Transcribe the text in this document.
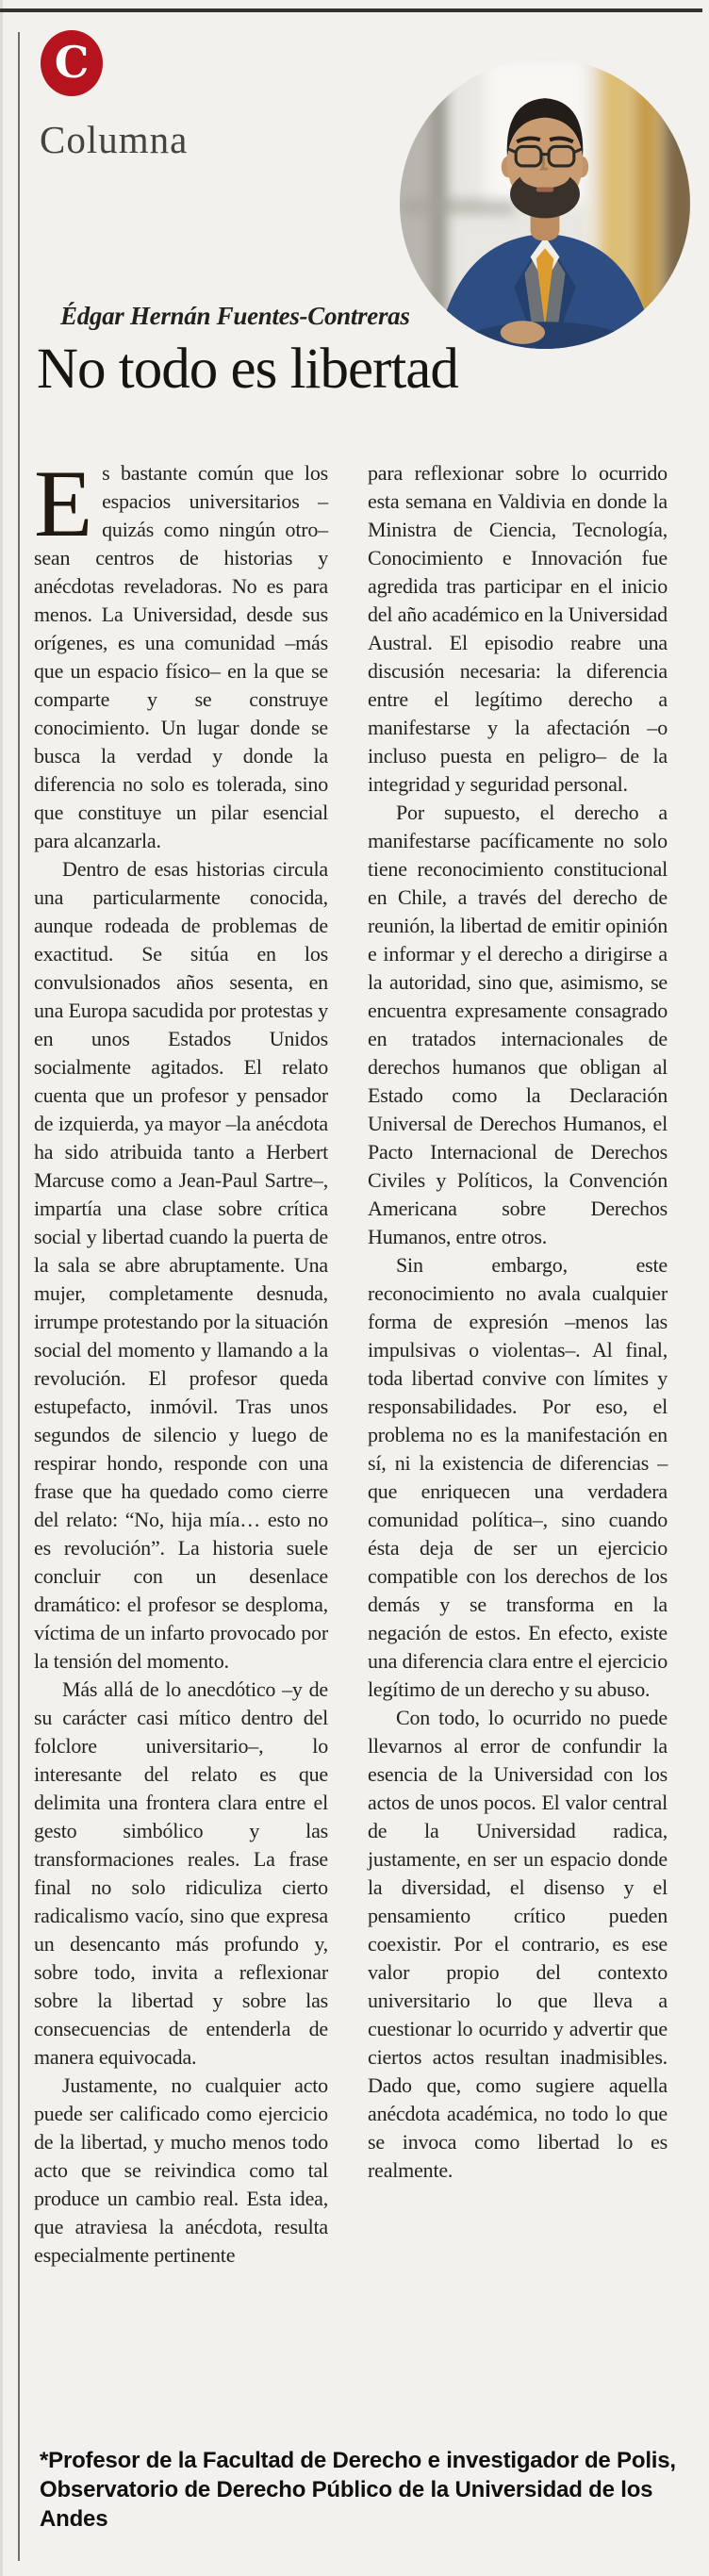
C
Columna
Édgar Hernán Fuentes-Contreras
No todo es libertad

Es bastante común que los espacios universitarios –quizás como ningún otro– sean centros de historias y anécdotas reveladoras. No es para menos. La Universidad, desde sus orígenes, es una comunidad –más que un espacio físico– en la que se comparte y se construye conocimiento. Un lugar donde se busca la verdad y donde la diferencia no solo es tolerada, sino que constituye un pilar esencial para alcanzarla.

Dentro de esas historias circula una particularmente conocida, aunque rodeada de problemas de exactitud. Se sitúa en los convulsionados años sesenta, en una Europa sacudida por protestas y en unos Estados Unidos socialmente agitados. El relato cuenta que un profesor y pensador de izquierda, ya mayor –la anécdota ha sido atribuida tanto a Herbert Marcuse como a Jean-Paul Sartre–, impartía una clase sobre crítica social y libertad cuando la puerta de la sala se abre abruptamente. Una mujer, completamente desnuda, irrumpe protestando por la situación social del momento y llamando a la revolución. El profesor queda estupefacto, inmóvil. Tras unos segundos de silencio y luego de respirar hondo, responde con una frase que ha quedado como cierre del relato: “No, hija mía… esto no es revolución”. La historia suele concluir con un desenlace dramático: el profesor se desploma, víctima de un infarto provocado por la tensión del momento.

Más allá de lo anecdótico –y de su carácter casi mítico dentro del folclore universitario–, lo interesante del relato es que delimita una frontera clara entre el gesto simbólico y las transformaciones reales. La frase final no solo ridiculiza cierto radicalismo vacío, sino que expresa un desencanto más profundo y, sobre todo, invita a reflexionar sobre la libertad y sobre las consecuencias de entenderla de manera equivocada.

Justamente, no cualquier acto puede ser calificado como ejercicio de la libertad, y mucho menos todo acto que se reivindica como tal produce un cambio real. Esta idea, que atraviesa la anécdota, resulta especialmente pertinente

para reflexionar sobre lo ocurrido esta semana en Valdivia en donde la Ministra de Ciencia, Tecnología, Conocimiento e Innovación fue agredida tras participar en el inicio del año académico en la Universidad Austral. El episodio reabre una discusión necesaria: la diferencia entre el legítimo derecho a manifestarse y la afectación –o incluso puesta en peligro– de la integridad y seguridad personal.

Por supuesto, el derecho a manifestarse pacíficamente no solo tiene reconocimiento constitucional en Chile, a través del derecho de reunión, la libertad de emitir opinión e informar y el derecho a dirigirse a la autoridad, sino que, asimismo, se encuentra expresamente consagrado en tratados internacionales de derechos humanos que obligan al Estado como la Declaración Universal de Derechos Humanos, el Pacto Internacional de Derechos Civiles y Políticos, la Convención Americana sobre Derechos Humanos, entre otros.

Sin embargo, este reconocimiento no avala cualquier forma de expresión –menos las impulsivas o violentas–. Al final, toda libertad convive con límites y responsabilidades. Por eso, el problema no es la manifestación en sí, ni la existencia de diferencias –que enriquecen una verdadera comunidad política–, sino cuando ésta deja de ser un ejercicio compatible con los derechos de los demás y se transforma en la negación de estos. En efecto, existe una diferencia clara entre el ejercicio legítimo de un derecho y su abuso.

Con todo, lo ocurrido no puede llevarnos al error de confundir la esencia de la Universidad con los actos de unos pocos. El valor central de la Universidad radica, justamente, en ser un espacio donde la diversidad, el disenso y el pensamiento crítico pueden coexistir. Por el contrario, es ese valor propio del contexto universitario lo que lleva a cuestionar lo ocurrido y advertir que ciertos actos resultan inadmisibles. Dado que, como sugiere aquella anécdota académica, no todo lo que se invoca como libertad lo es realmente.

*Profesor de la Facultad de Derecho e investigador de Polis, Observatorio de Derecho Público de la Universidad de los Andes
